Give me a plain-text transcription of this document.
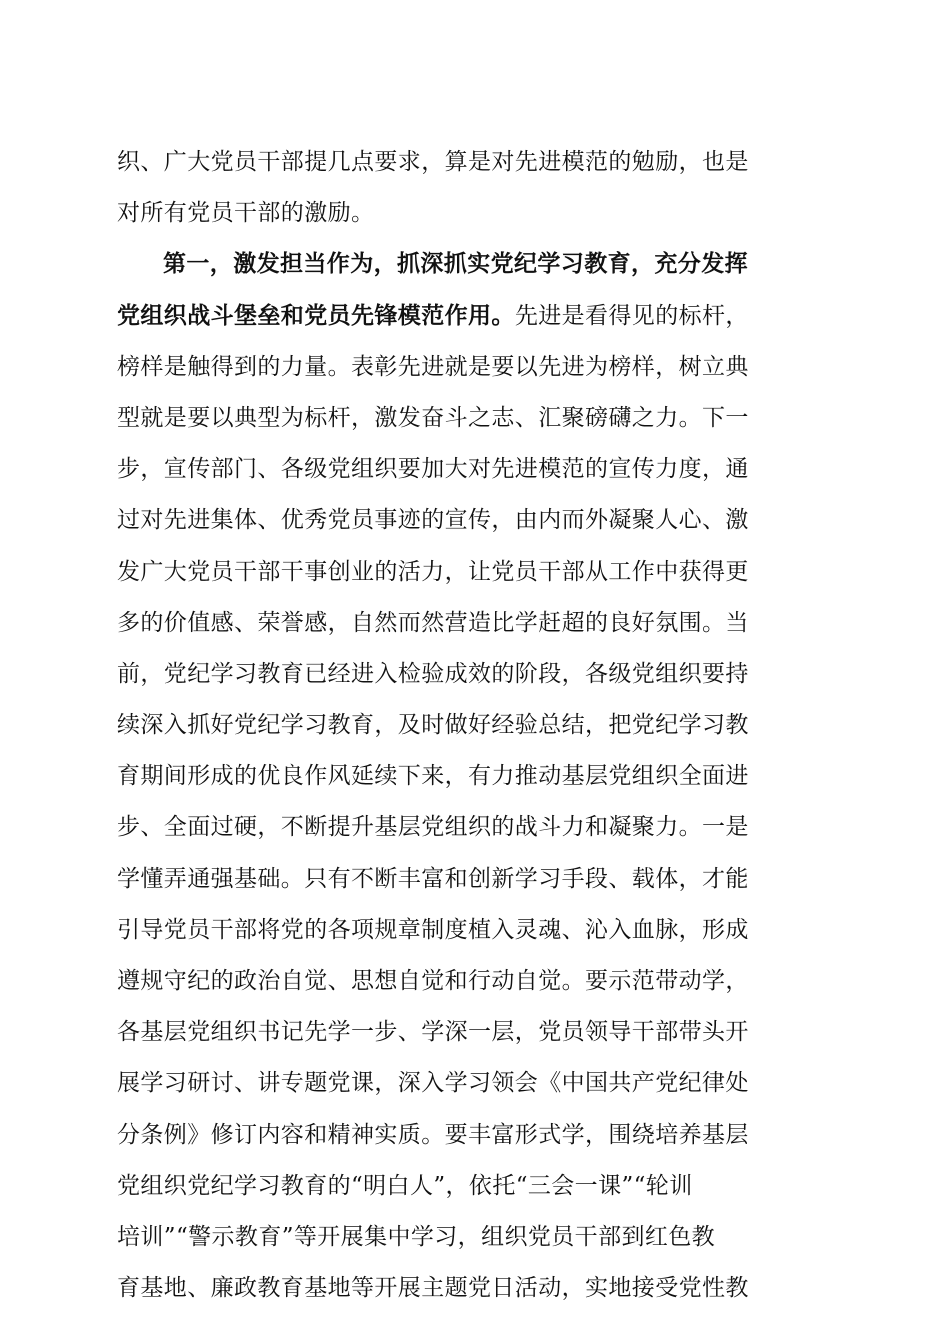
织、广大党员干部提几点要求，算是对先进模范的勉励，也是
对所有党员干部的激励。
第一，激发担当作为，抓深抓实党纪学习教育，充分发挥
党组织战斗堡垒和党员先锋模范作用。先进是看得见的标杆，
榜样是触得到的力量。表彰先进就是要以先进为榜样，树立典
型就是要以典型为标杆，激发奋斗之志、汇聚磅礴之力。下一
步，宣传部门、各级党组织要加大对先进模范的宣传力度，通
过对先进集体、优秀党员事迹的宣传，由内而外凝聚人心、激
发广大党员干部干事创业的活力，让党员干部从工作中获得更
多的价值感、荣誉感，自然而然营造比学赶超的良好氛围。当
前，党纪学习教育已经进入检验成效的阶段，各级党组织要持
续深入抓好党纪学习教育，及时做好经验总结，把党纪学习教
育期间形成的优良作风延续下来，有力推动基层党组织全面进
步、全面过硬，不断提升基层党组织的战斗力和凝聚力。一是
学懂弄通强基础。只有不断丰富和创新学习手段、载体，才能
引导党员干部将党的各项规章制度植入灵魂、沁入血脉，形成
遵规守纪的政治自觉、思想自觉和行动自觉。要示范带动学，
各基层党组织书记先学一步、学深一层，党员领导干部带头开
展学习研讨、讲专题党课，深入学习领会《中国共产党纪律处
分条例》修订内容和精神实质。要丰富形式学，围绕培养基层
党组织党纪学习教育的“明白人”，依托“三会一课”“轮训
培训”“警示教育”等开展集中学习，组织党员干部到红色教
育基地、廉政教育基地等开展主题党日活动，实地接受党性教
